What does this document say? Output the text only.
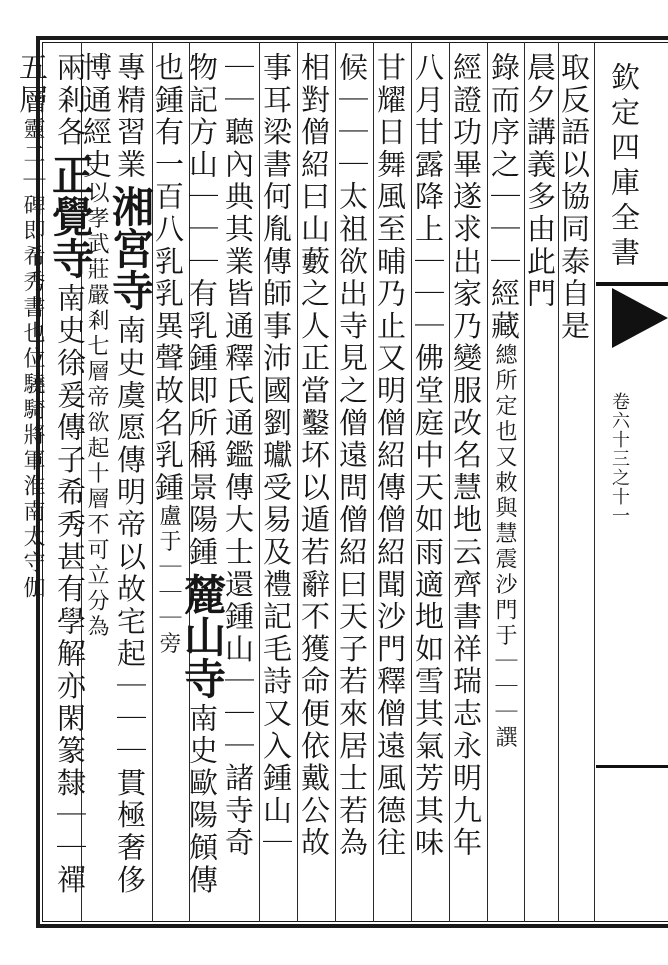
欽定四庫全書
卷六十三之十一
取反語以協同泰自是
晨夕講義多由此門
錄而序之｜｜｜經藏總所定也又敕與慧震沙門于｜｜｜譔
經證功畢遂求出家乃變服改名慧地云齊書祥瑞志永明九年
八月甘露降上｜｜｜佛堂庭中天如雨適地如雪其氣芳其味
甘耀日舞風至晡乃止又明僧紹傳僧紹聞沙門釋僧遠風德往
候｜｜｜太祖欲出寺見之僧遠問僧紹曰天子若來居士若為
相對僧紹曰山藪之人正當鑿坏以遁若辭不獲命便依戴公故
事耳梁書何胤傳師事沛國劉瓛受易及禮記毛詩又入鍾山｜
｜｜聽內典其業皆通釋氏通鑑傳大士還鍾山｜｜｜諸寺奇
物記方山｜｜｜有乳鍾即所稱景陽鍾麓山寺南史歐陽頠傳
也鍾有一百八乳乳異聲故名乳鍾盧于｜｜｜旁
專精習業湘宮寺南史虞愿傳明帝以故宅起｜｜｜貫極奢侈
博通經史以孝武莊嚴剎七層帝欲起十層不可立分為
兩剎各正覺寺南史徐爰傳子希秀甚有學解亦閑篆隸｜｜禪
五層靈二｜碑即希秀書也位驍騎將軍淮南太守伽
